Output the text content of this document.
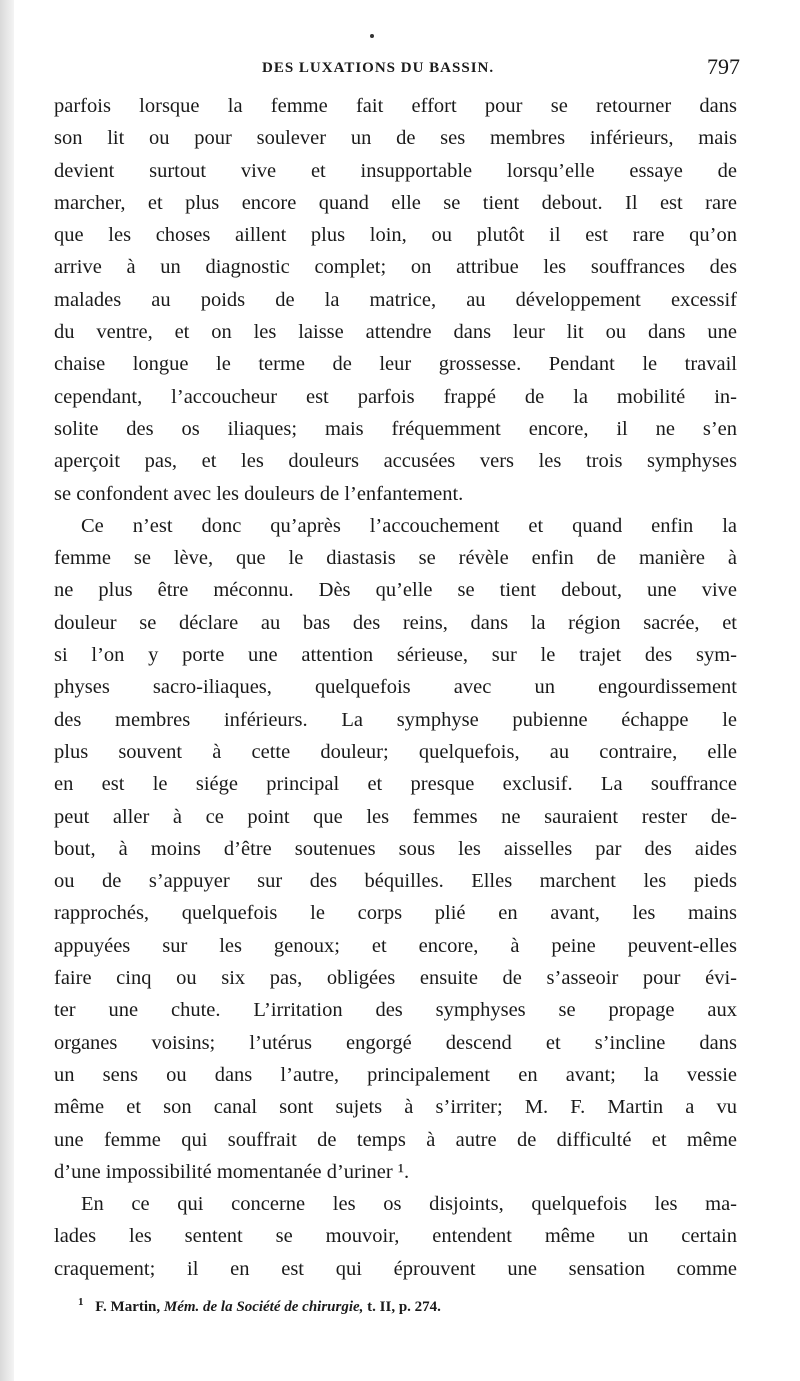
DES LUXATIONS DU BASSIN.	797
parfois lorsque la femme fait effort pour se retourner dans
son lit ou pour soulever un de ses membres inférieurs, mais
devient surtout vive et insupportable lorsqu’elle essaye de
marcher, et plus encore quand elle se tient debout. Il est rare
que les choses aillent plus loin, ou plutôt il est rare qu’on
arrive à un diagnostic complet; on attribue les souffrances des
malades au poids de la matrice, au développement excessif
du ventre, et on les laisse attendre dans leur lit ou dans une
chaise longue le terme de leur grossesse. Pendant le travail
cependant, l’accoucheur est parfois frappé de la mobilité in-
solite des os iliaques; mais fréquemment encore, il ne s’en
aperçoit pas, et les douleurs accusées vers les trois symphyses
se confondent avec les douleurs de l’enfantement.
Ce n’est donc qu’après l’accouchement et quand enfin la
femme se lève, que le diastasis se révèle enfin de manière à
ne plus être méconnu. Dès qu’elle se tient debout, une vive
douleur se déclare au bas des reins, dans la région sacrée, et
si l’on y porte une attention sérieuse, sur le trajet des sym-
physes sacro-iliaques, quelquefois avec un engourdissement
des membres inférieurs. La symphyse pubienne échappe le
plus souvent à cette douleur; quelquefois, au contraire, elle
en est le siége principal et presque exclusif. La souffrance
peut aller à ce point que les femmes ne sauraient rester de-
bout, à moins d’être soutenues sous les aisselles par des aides
ou de s’appuyer sur des béquilles. Elles marchent les pieds
rapprochés, quelquefois le corps plié en avant, les mains
appuyées sur les genoux; et encore, à peine peuvent-elles
faire cinq ou six pas, obligées ensuite de s’asseoir pour évi-
ter une chute. L’irritation des symphyses se propage aux
organes voisins; l’utérus engorgé descend et s’incline dans
un sens ou dans l’autre, principalement en avant; la vessie
même et son canal sont sujets à s’irriter; M. F. Martin a vu
une femme qui souffrait de temps à autre de difficulté et même
d’une impossibilité momentanée d’uriner ¹.
En ce qui concerne les os disjoints, quelquefois les ma-
lades les sentent se mouvoir, entendent même un certain
craquement; il en est qui éprouvent une sensation comme
$^1$ F. Martin, Mém. de la Société de chirurgie, t. II, p. 274.
